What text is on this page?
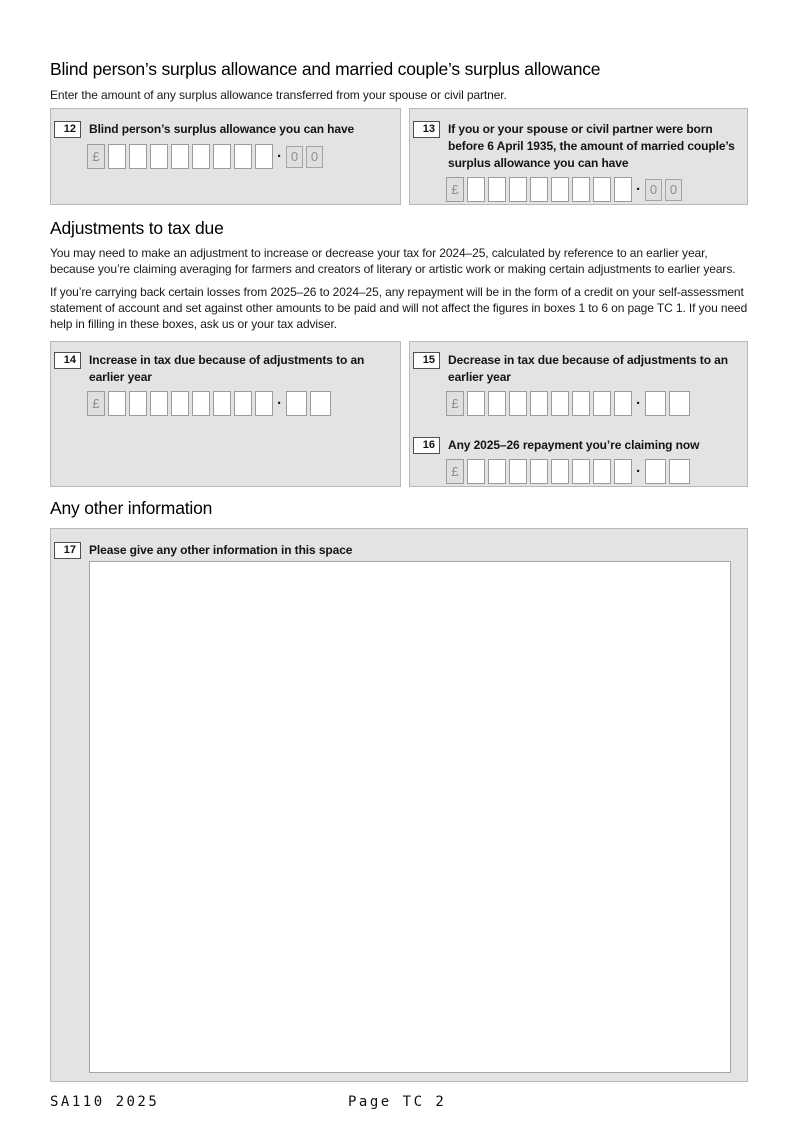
Blind person’s surplus allowance and married couple’s surplus allowance
Enter the amount of any surplus allowance transferred from your spouse or civil partner.
12	Blind person’s surplus allowance you can have
£	· 0 0
13	If you or your spouse or civil partner were born before 6 April 1935, the amount of married couple’s surplus allowance you can have
£	· 0 0
Adjustments to tax due
You may need to make an adjustment to increase or decrease your tax for 2024–25, calculated by reference to an earlier year, because you’re claiming averaging for farmers and creators of literary or artistic work or making certain adjustments to earlier years.
If you’re carrying back certain losses from 2025–26 to 2024–25, any repayment will be in the form of a credit on your self-assessment statement of account and set against other amounts to be paid and will not affect the figures in boxes 1 to 6 on page TC 1. If you need help in filling in these boxes, ask us or your tax adviser.
14	Increase in tax due because of adjustments to an earlier year
£	·
15	Decrease in tax due because of adjustments to an earlier year
£	·
16	Any 2025–26 repayment you’re claiming now
£	·
Any other information
17	Please give any other information in this space
SA110 2025	Page TC 2
